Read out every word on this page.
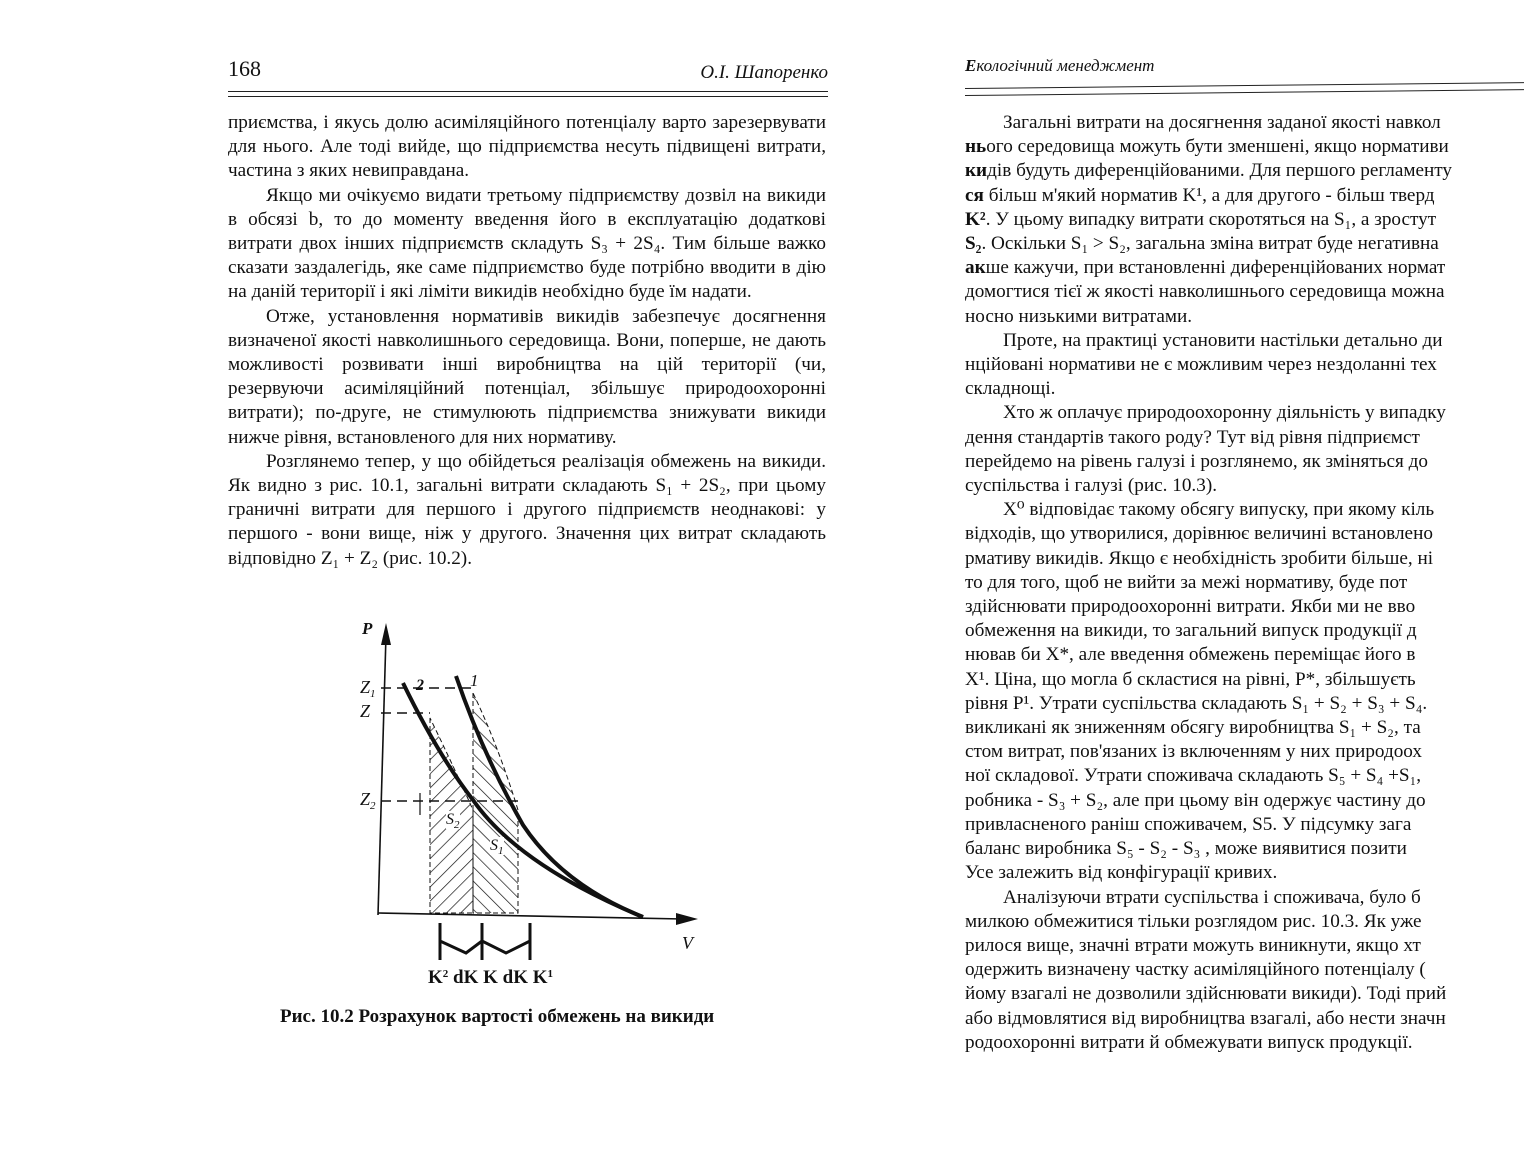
168	О.І. Шапоренко

приємства, і якусь долю асиміляційного потенціалу варто зарезервувати для нього. Але тоді вийде, що підприємства несуть підвищені витрати, частина з яких невиправдана.

Якщо ми очікуємо видати третьому підприємству дозвіл на викиди в обсязі b, то до моменту введення його в експлуатацію додаткові витрати двох інших підприємств складуть S₃ + 2S₄. Тим більше важко сказати заздалегідь, яке саме підприємство буде потрібно вводити в дію на даній території і які ліміти викидів необхідно буде їм надати.

Отже, установлення нормативів викидів забезпечує досягнення визначеної якості навколишнього середовища. Вони, поперше, не дають можливості розвивати інші виробництва на цій території (чи, резервуючи асиміляційний потенціал, збільшує природоохоронні витрати); по-друге, не стимулюють підприємства знижувати викиди нижче рівня, встановленого для них нормативу.

Розглянемо тепер, у що обійдеться реалізація обмежень на викиди. Як видно з рис. 10.1, загальні витрати складають S₁ + 2S₂, при цьому граничні витрати для першого і другого підприємств неоднакові: у першого - вони вище, ніж у другого. Значення цих витрат складають відповідно Z₁ + Z₂ (рис. 10.2).

P
V
$Z_1$
Z
$Z_2$
2	1
$S_2$
$S_1$
$K^2$ dK K dK $K^1$
Рис. 10.2 Розрахунок вартості обмежень на викиди
Екологічний менеджмент
Загальні витрати на досягнення заданої якості навкол
нього середовища можуть бути зменшені, якщо нормативи
кидів будуть диференційованими. Для першого регламенту
ся більш м'який норматив K¹, а для другого - більш тверд
K². У цьому випадку витрати скоротяться на S₁, а зростут
S₂. Оскільки S₁ > S₂, загальна зміна витрат буде негативна
акше кажучи, при встановленні диференційованих нормат
домогтися тієї ж якості навколишнього середовища можна
носно низькими витратами.
Проте, на практиці установити настільки детально ди
нційовані нормативи не є можливим через нездоланні тех
складнощі.
Хто ж оплачує природоохоронну діяльність у випадку
дення стандартів такого роду? Тут від рівня підприємст
перейдемо на рівень галузі і розглянемо, як зміняться до
суспільства і галузі (рис. 10.3).
X⁰ відповідає такому обсягу випуску, при якому кіль
відходів, що утворилися, дорівнює величині встановлено
рмативу викидів. Якщо є необхідність зробити більше, ні
то для того, щоб не вийти за межі нормативу, буде пот
здійснювати природоохоронні витрати. Якби ми не вво
обмеження на викиди, то загальний випуск продукції д
нював би X*, але введення обмежень переміщає його в
X¹. Ціна, що могла б скластися на рівні, P*, збільшуєть
рівня P¹. Утрати суспільства складають S₁ + S₂ + S₃ + S₄.
викликані як зниженням обсягу виробництва S₁ + S₂, та
стом витрат, пов'язаних із включенням у них природоох
ної складової. Утрати споживача складають S₅ + S₄ +S₁,
робника - S₃ + S₂, але при цьому він одержує частину до
привласненого раніш споживачем, S5. У підсумку зага
баланс виробника S₅ - S₂ - S₃ , може виявитися позити
Усе залежить від конфігурації кривих.
Аналізуючи втрати суспільства і споживача, було б
милкою обмежитися тільки розглядом рис. 10.3. Як уже
рилося вище, значні втрати можуть виникнути, якщо хт
одержить визначену частку асиміляційного потенціалу (
йому взагалі не дозволили здійснювати викиди). Тоді прий
або відмовлятися від виробництва взагалі, або нести значн
родоохоронні витрати й обмежувати випуск продукції.
